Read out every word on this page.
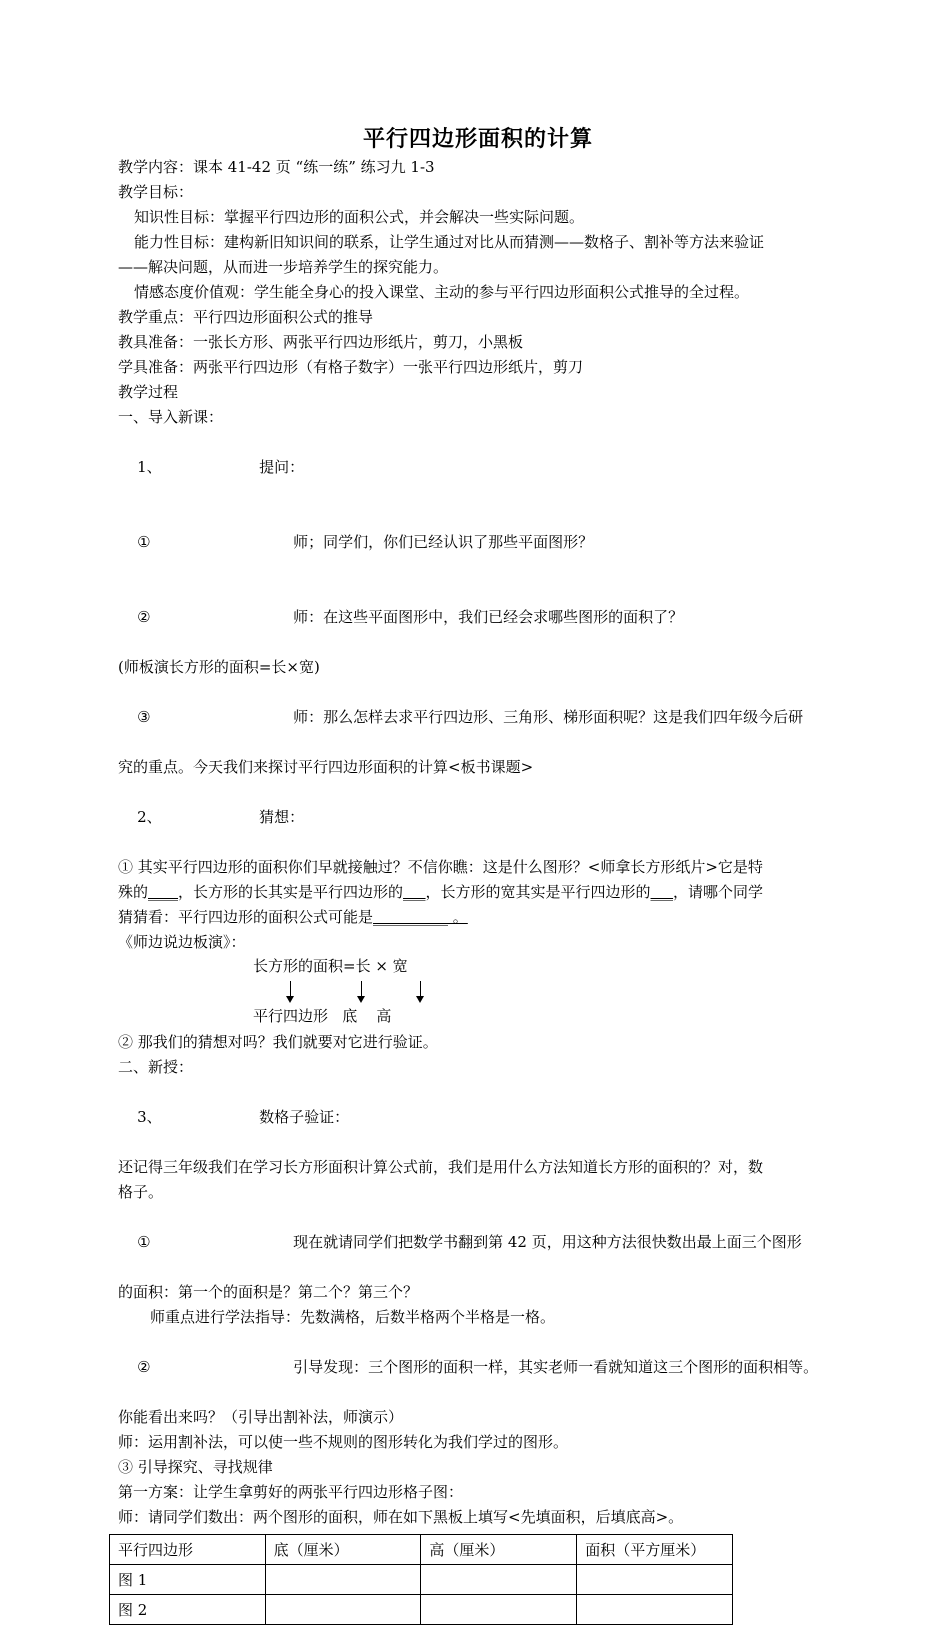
平行四边形面积的计算
教学内容：课本 41-42 页 “练一练” 练习九 1-3
教学目标：
知识性目标：掌握平行四边形的面积公式，并会解决一些实际问题。
能力性目标：建构新旧知识间的联系，让学生通过对比从而猜测——数格子、割补等方法来验证
——解决问题，从而进一步培养学生的探究能力。
情感态度价值观：学生能全身心的投入课堂、主动的参与平行四边形面积公式推导的全过程。
教学重点：平行四边形面积公式的推导
教具准备：一张长方形、两张平行四边形纸片，剪刀，小黑板
学具准备：两张平行四边形（有格子数字）一张平行四边形纸片，剪刀
教学过程
一、导入新课：

1、	提问：

①	师；同学们，你们已经认识了那些平面图形？

②	师：在这些平面图形中，我们已经会求哪些图形的面积了？

(师板演长方形的面积=长×宽)

③	师：那么怎样去求平行四边形、三角形、梯形面积呢？这是我们四年级今后研

究的重点。今天我们来探讨平行四边形面积的计算<板书课题>

2、	猜想：

① 其实平行四边形的面积你们早就接触过？不信你瞧：这是什么图形？<师拿长方形纸片>它是特
殊的____，长方形的长其实是平行四边形的___，长方形的宽其实是平行四边形的___，请哪个同学
猜猜看：平行四边形的面积公式可能是__________ 。
《师边说边板演》：
长方形的面积=长 × 宽
平行四边形   底    高
② 那我们的猜想对吗？我们就要对它进行验证。
二、新授：

3、	数格子验证：

还记得三年级我们在学习长方形面积计算公式前，我们是用什么方法知道长方形的面积的？对，数
格子。

①	现在就请同学们把数学书翻到第 42 页，用这种方法很快数出最上面三个图形

的面积：第一个的面积是？第二个？第三个？
师重点进行学法指导：先数满格，后数半格两个半格是一格。

②	引导发现：三个图形的面积一样，其实老师一看就知道这三个图形的面积相等。

你能看出来吗？（引导出割补法，师演示）
师：运用割补法，可以使一些不规则的图形转化为我们学过的图形。
③ 引导探究、寻找规律
第一方案：让学生拿剪好的两张平行四边形格子图：
师：请同学们数出：两个图形的面积，师在如下黑板上填写<先填面积，后填底高>。
平行四边形	底（厘米）	高（厘米）	面积（平方厘米）
图 1			
图 2			
